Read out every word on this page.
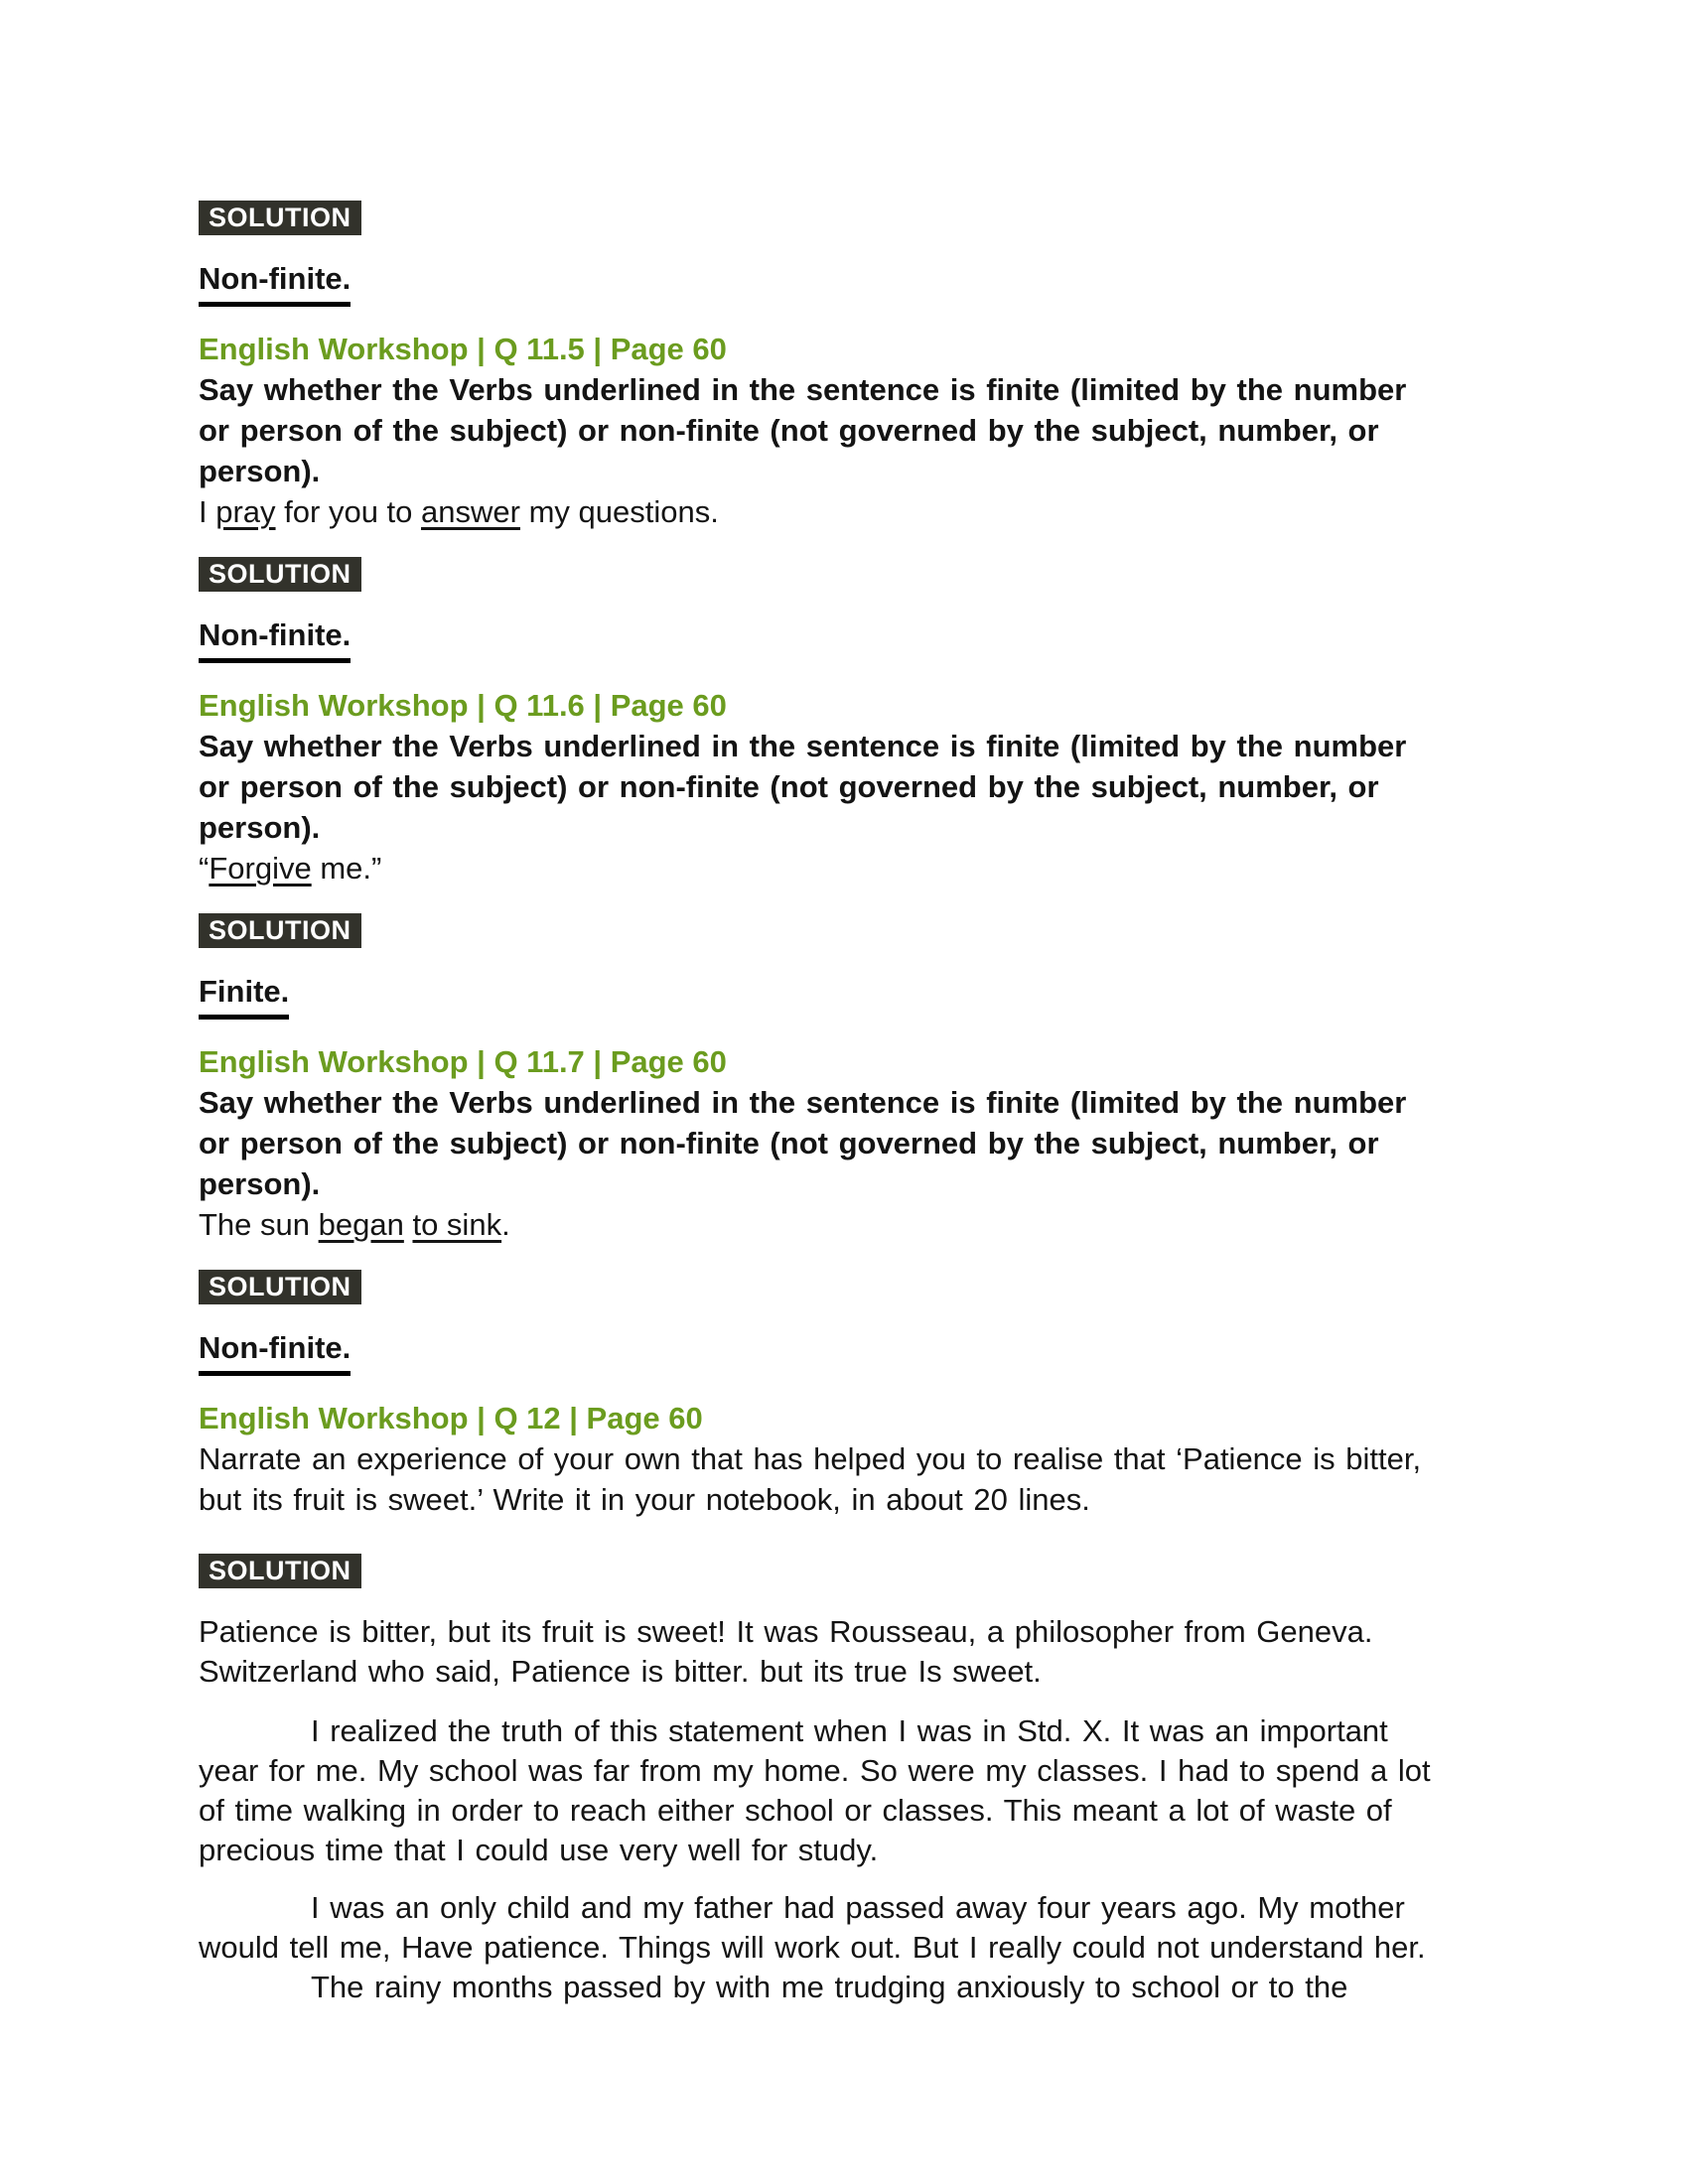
SOLUTION
Non-finite.
English Workshop | Q 11.5 | Page 60
Say whether the Verbs underlined in the sentence is finite (limited by the number
or person of the subject) or non-finite (not governed by the subject, number, or
person).
I pray for you to answer my questions.
SOLUTION
Non-finite.
English Workshop | Q 11.6 | Page 60
Say whether the Verbs underlined in the sentence is finite (limited by the number
or person of the subject) or non-finite (not governed by the subject, number, or
person).
“Forgive me.”
SOLUTION
Finite.
English Workshop | Q 11.7 | Page 60
Say whether the Verbs underlined in the sentence is finite (limited by the number
or person of the subject) or non-finite (not governed by the subject, number, or
person).
The sun began to sink.
SOLUTION
Non-finite.
English Workshop | Q 12 | Page 60
Narrate an experience of your own that has helped you to realise that ‘Patience is bitter,
but its fruit is sweet.’ Write it in your notebook, in about 20 lines.
SOLUTION
Patience is bitter, but its fruit is sweet! It was Rousseau, a philosopher from Geneva.
Switzerland who said, Patience is bitter. but its true Is sweet.
I realized the truth of this statement when I was in Std. X. It was an important
year for me. My school was far from my home. So were my classes. I had to spend a lot
of time walking in order to reach either school or classes. This meant a lot of waste of
precious time that I could use very well for study.
I was an only child and my father had passed away four years ago. My mother
would tell me, Have patience. Things will work out. But I really could not understand her.
The rainy months passed by with me trudging anxiously to school or to the
